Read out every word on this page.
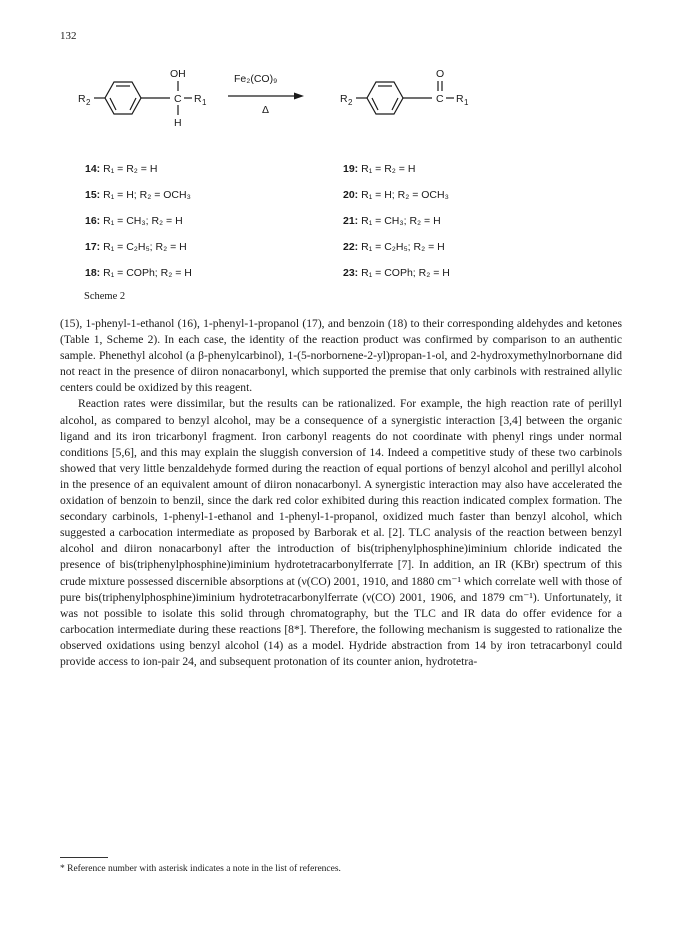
132
R 2
OH
C
H
R 1
Fe₂(CO)₉
Δ
R 2
O
C R 1
14: R₁ = R₂ = H
15: R₁ = H; R₂ = OCH₃
16: R₁ = CH₃; R₂ = H
17: R₁ = C₂H₅; R₂ = H
18: R₁ = COPh; R₂ = H
19: R₁ = R₂ = H
20: R₁ = H; R₂ = OCH₃
21: R₁ = CH₃; R₂ = H
22: R₁ = C₂H₅; R₂ = H
23: R₁ = COPh; R₂ = H
Scheme 2

(15), 1-phenyl-1-ethanol (16), 1-phenyl-1-propanol (17), and benzoin (18) to their corresponding aldehydes and ketones (Table 1, Scheme 2). In each case, the identity of the reaction product was confirmed by comparison to an authentic sample. Phenethyl alcohol (a β-phenylcarbinol), 1-(5-norbornene-2-yl)propan-1-ol, and 2-hydroxymethylnorbornane did not react in the presence of diiron nonacarbonyl, which supported the premise that only carbinols with restrained allylic centers could be oxidized by this reagent.

Reaction rates were dissimilar, but the results can be rationalized. For example, the high reaction rate of perillyl alcohol, as compared to benzyl alcohol, may be a consequence of a synergistic interaction [3,4] between the organic ligand and its iron tricarbonyl fragment. Iron carbonyl reagents do not coordinate with phenyl rings under normal conditions [5,6], and this may explain the sluggish conversion of 14. Indeed a competitive study of these two carbinols showed that very little benzaldehyde formed during the reaction of equal portions of benzyl alcohol and perillyl alcohol in the presence of an equivalent amount of diiron nonacarbonyl. A synergistic interaction may also have accelerated the oxidation of benzoin to benzil, since the dark red color exhibited during this reaction indicated complex formation. The secondary carbinols, 1-phenyl-1-ethanol and 1-phenyl-1-propanol, oxidized much faster than benzyl alcohol, which suggested a carbocation intermediate as proposed by Barborak et al. [2]. TLC analysis of the reaction between benzyl alcohol and diiron nonacarbonyl after the introduction of bis(triphenylphosphine)iminium chloride indicated the presence of bis(triphenylphosphine)iminium hydrotetracarbonylferrate [7]. In addition, an IR (KBr) spectrum of this crude mixture possessed discernible absorptions at (ν(CO) 2001, 1910, and 1880 cm⁻¹ which correlate well with those of pure bis(triphenylphosphine)iminium hydrotetracarbonylferrate (ν(CO) 2001, 1906, and 1879 cm⁻¹). Unfortunately, it was not possible to isolate this solid through chromatography, but the TLC and IR data do offer evidence for a carbocation intermediate during these reactions [8*]. Therefore, the following mechanism is suggested to rationalize the observed oxidations using benzyl alcohol (14) as a model. Hydride abstraction from 14 by iron tetracarbonyl could provide access to ion-pair 24, and subsequent protonation of its counter anion, hydrotetra-

* Reference number with asterisk indicates a note in the list of references.
